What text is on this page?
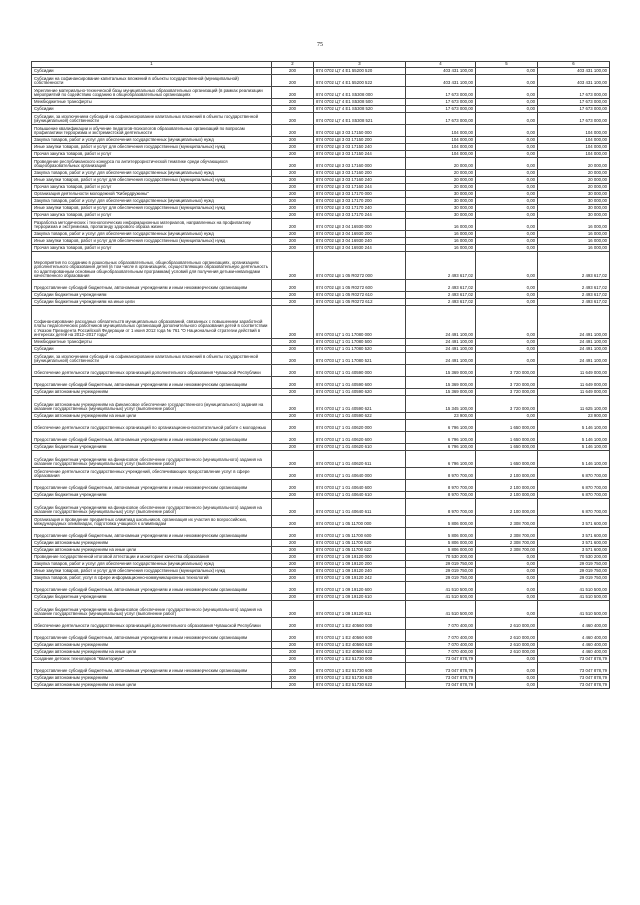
75
1	2	3	4	5	6
Субсидии	200	874 0702 Ц7 4 Е1 55200 520	403 431 100,00	0,00	403 431 100,00
Субсидии на софинансирование капитальных вложений в объекты государственной (муниципальной) собственности	200	874 0702 Ц7 4 Е1 55200 522	403 431 100,00	0,00	403 431 100,00
Укрепление материально-технической базы муниципальных образовательных организаций (в рамках реализации мероприятий по содействию созданию в общеобразовательных организациях	200	874 0702 Ц7 4 Е1 S5308 000	17 673 000,00	0,00	17 673 000,00
Межбюджетные трансферты	200	874 0702 Ц7 4 Е1 S5308 500	17 673 000,00	0,00	17 673 000,00
Субсидии	200	874 0702 Ц7 4 Е1 S5308 520	17 673 000,00	0,00	17 673 000,00
Субсидии, за исключением субсидий на софинансирование капитальных вложений в объекты государственной (муниципальной) собственности	200	874 0702 Ц7 4 Е1 S5308 521	17 673 000,00	0,00	17 673 000,00
Повышение квалификации и обучение педагогов-психологов образовательных организаций по вопросам профилактики терроризма и экстремистской деятельности	200	874 0702 Ц8 3 03 17150 000	104 000,00	0,00	104 000,00
Закупка товаров, работ и услуг для обеспечения государственных (муниципальных) нужд	200	874 0702 Ц8 3 03 17150 200	104 000,00	0,00	104 000,00
Иные закупки товаров, работ и услуг для обеспечения государственных (муниципальных) нужд	200	874 0702 Ц8 3 03 17150 240	104 000,00	0,00	104 000,00
Прочая закупка товаров, работ и услуг	200	874 0702 Ц8 3 03 17150 244	104 000,00	0,00	104 000,00
Проведение республиканского конкурса по антитеррористической тематике среди обучающихся общеобразовательных организаций	200	874 0702 Ц8 3 03 17160 000	20 000,00	0,00	20 000,00
Закупка товаров, работ и услуг для обеспечения государственных (муниципальных) нужд	200	874 0702 Ц8 3 03 17160 200	20 000,00	0,00	20 000,00
Иные закупки товаров, работ и услуг для обеспечения государственных (муниципальных) нужд	200	874 0702 Ц8 3 03 17160 240	20 000,00	0,00	20 000,00
Прочая закупка товаров, работ и услуг	200	874 0702 Ц8 3 03 17160 244	20 000,00	0,00	20 000,00
Организация деятельности молодежной "Кибердружины"	200	874 0702 Ц8 3 03 17170 000	30 000,00	0,00	30 000,00
Закупка товаров, работ и услуг для обеспечения государственных (муниципальных) нужд	200	874 0702 Ц8 3 03 17170 200	30 000,00	0,00	30 000,00
Иные закупки товаров, работ и услуг для обеспечения государственных (муниципальных) нужд	200	874 0702 Ц8 3 03 17170 240	30 000,00	0,00	30 000,00
Прочая закупка товаров, работ и услуг	200	874 0702 Ц8 3 03 17170 244	30 000,00	0,00	30 000,00
Разработка методических і технологических информационных материалов, направленных на профилактику терроризма и экстремизма, пропаганду здорового образа жизни	200	874 0702 Ц8 3 04 16930 000	16 000,00	0,00	16 000,00
Закупка товаров, работ и услуг для обеспечения государственных (муниципальных) нужд	200	874 0702 Ц8 3 04 16930 200	16 000,00	0,00	16 000,00
Иные закупки товаров, работ и услуг для обеспечения государственных (муниципальных) нужд	200	874 0702 Ц8 3 04 16930 240	16 000,00	0,00	16 000,00
Прочая закупка товаров, работ и услуг	200	874 0702 Ц8 3 04 16930 244	16 000,00	0,00	16 000,00
Мероприятия по созданию в дошкольных образовательных, общеобразовательных организациях, организациях дополнительного образования детей (в том числе в организациях, осуществляющих образовательную деятельность по адаптированным основным общеобразовательным программам) условий для получения детьми-инвалидами качественного образования	200	874 0702 Ц8 1 05 R0272 000	2 493 617,02	0,00	2 493 617,02
Предоставление субсидий бюджетным, автономным учреждениям и иным некоммерческим организациям	200	874 0702 Ц8 1 05 R0272 600	2 493 617,02	0,00	2 493 617,02
Субсидии бюджетным учреждениям	200	874 0702 Ц8 1 05 R0272 610	2 493 617,02	0,00	2 493 617,02
Субсидии бюджетным учреждениям на иные цели	200	874 0702 Ц8 1 05 R0272 612	2 493 617,02	0,00	2 493 617,02
Софинансирование расходных обязательств муниципальных образований, связанных с повышением заработной платы педагогических работников муниципальных организаций дополнительного образования детей в соответствии с Указом Президента Российской Федерации от 1 июня 2012 года № 761 "О Национальной стратегии действий в интересах детей на 2012–2017 годы"	200	874 0703 Ц7 1 01 17080 000	24 491 100,00	0,00	24 491 100,00
Межбюджетные трансферты	200	874 0703 Ц7 1 01 17080 500	24 491 100,00	0,00	24 491 100,00
Субсидии	200	874 0703 Ц7 1 01 17080 520	24 491 100,00	0,00	24 491 100,00
Субсидии, за исключением субсидий на софинансирование капитальных вложений в объекты государственной (муниципальной) собственности	200	874 0703 Ц7 1 01 17080 521	24 491 100,00	0,00	24 491 100,00
Обеспечение деятельности государственных организаций дополнительного образования Чувашской Республики	200	874 0703 Ц7 1 01 40590 000	15 369 000,00	3 720 000,00	11 649 000,00
Предоставление субсидий бюджетным, автономным учреждениям и иным некоммерческим организациям	200	874 0703 Ц7 1 01 40590 600	15 369 000,00	3 720 000,00	11 649 000,00
Субсидии автономным учреждениям	200	874 0703 Ц7 1 01 40590 620	15 369 000,00	3 720 000,00	11 649 000,00
Субсидии автономным учреждениям на финансовое обеспечение государственного (муниципального) задания на оказание государственных (муниципальных) услуг (выполнение работ)	200	874 0703 Ц7 1 01 40590 621	15 345 100,00	3 720 000,00	11 625 100,00
Субсидии автономным учреждениям на иные цели	200	874 0703 Ц7 1 01 40590 622	23 900,00	0,00	23 900,00
Обеспечение деятельности государственных организаций по организационно-воспитательной работе с молодежью	200	874 0703 Ц7 1 01 40620 000	6 796 100,00	1 650 000,00	5 146 100,00
Предоставление субсидий бюджетным, автономным учреждениям и иным некоммерческим организациям	200	874 0703 Ц7 1 01 40620 600	6 796 100,00	1 650 000,00	5 146 100,00
Субсидии бюджетным учреждениям	200	874 0703 Ц7 1 01 40620 610	6 796 100,00	1 650 000,00	5 146 100,00
Субсидии бюджетным учреждениям на финансовое обеспечение государственного (муниципального) задания на оказание государственных (муниципальных) услуг (выполнение работ)	200	874 0703 Ц7 1 01 40620 611	6 796 100,00	1 650 000,00	5 146 100,00
Обеспечение деятельности государственных учреждений, обеспечивающих предоставление услуг в сфере образования	200	874 0703 Ц7 1 01 40640 000	8 970 700,00	2 100 000,00	6 870 700,00
Предоставление субсидий бюджетным, автономным учреждениям и иным некоммерческим организациям	200	874 0703 Ц7 1 01 40640 600	8 970 700,00	2 100 000,00	6 870 700,00
Субсидии бюджетным учреждениям	200	874 0703 Ц7 1 01 40640 610	8 970 700,00	2 100 000,00	6 870 700,00
Субсидии бюджетным учреждениям на финансовое обеспечение государственного (муниципального) задания на оказание государственных (муниципальных) услуг (выполнение работ)	200	874 0703 Ц7 1 01 40640 611	8 970 700,00	2 100 000,00	6 870 700,00
Организация и проведение предметных олимпиад школьников, организация их участия во всероссийских, международных олимпиадах, подготовка учащихся к олимпиадам	200	874 0703 Ц7 1 05 11700 000	5 806 000,00	2 308 700,00	3 571 600,00
Предоставление субсидий бюджетным, автономным учреждениям и иным некоммерческим организациям	200	874 0703 Ц7 1 05 11700 600	5 806 000,00	2 308 700,00	3 571 600,00
Субсидии автономным учреждениям	200	874 0703 Ц7 1 05 11700 620	5 806 000,00	2 308 700,00	3 571 600,00
Субсидии автономным учреждениям на иные цели	200	874 0703 Ц7 1 05 11700 622	5 806 000,00	2 308 700,00	3 571 600,00
Проведение государственной итоговой аттестации и мониторинг качества образования	200	874 0703 Ц7 1 09 19120 000	70 530 200,00	0,00	70 530 200,00
Закупка товаров, работ и услуг для обеспечения государственных (муниципальных) нужд	200	874 0703 Ц7 1 09 19120 200	29 019 750,00	0,00	29 019 750,00
Иные закупки товаров, работ и услуг для обеспечения государственных (муниципальных) нужд	200	874 0703 Ц7 1 09 19120 240	29 019 750,00	0,00	29 019 750,00
Закупка товаров, работ, услуг в сфере информационно-коммуникационных технологий	200	874 0703 Ц7 1 09 19120 242	29 019 750,00	0,00	29 019 750,00
Предоставление субсидий бюджетным, автономным учреждениям и иным некоммерческим организациям	200	874 0703 Ц7 1 09 19120 600	41 510 500,00	0,00	41 510 500,00
Субсидии бюджетным учреждениям	200	874 0703 Ц7 1 09 19120 610	41 510 500,00	0,00	41 510 500,00
Субсидии бюджетным учреждениям на финансовое обеспечение государственного (муниципального) задания на оказание государственных (муниципальных) услуг (выполнение работ)	200	874 0703 Ц7 1 09 19120 611	41 510 500,00	0,00	41 510 500,00
Обеспечение деятельности государственных организаций дополнительного образования Чувашской Республики	200	874 0703 Ц7 1 Е2 40560 000	7 070 400,00	2 610 000,00	4 460 400,00
Предоставление субсидий бюджетным, автономным учреждениям и иным некоммерческим организациям	200	874 0703 Ц7 1 Е2 40560 600	7 070 400,00	2 610 000,00	4 460 400,00
Субсидии автономным учреждениям	200	874 0703 Ц7 1 Е2 40560 620	7 070 400,00	2 610 000,00	4 460 400,00
Субсидии автономным учреждениям на иные цели	200	874 0703 Ц7 1 Е2 40560 622	7 070 400,00	2 610 000,00	4 460 400,00
Создание детских технопарков "Кванториум"	200	874 0703 Ц7 1 Е2 51730 000	73 047 878,79	0,00	73 047 878,79
Предоставление субсидий бюджетным, автономным учреждениям и иным некоммерческим организациям	200	874 0703 Ц7 1 Е2 51730 600	73 047 878,79	0,00	73 047 878,79
Субсидии автономным учреждениям	200	874 0703 Ц7 1 Е2 51730 620	73 047 878,79	0,00	73 047 878,79
Субсидии автономным учреждениям на иные цели	200	874 0703 Ц7 1 Е2 51730 622	73 047 878,79	0,00	73 047 878,79
